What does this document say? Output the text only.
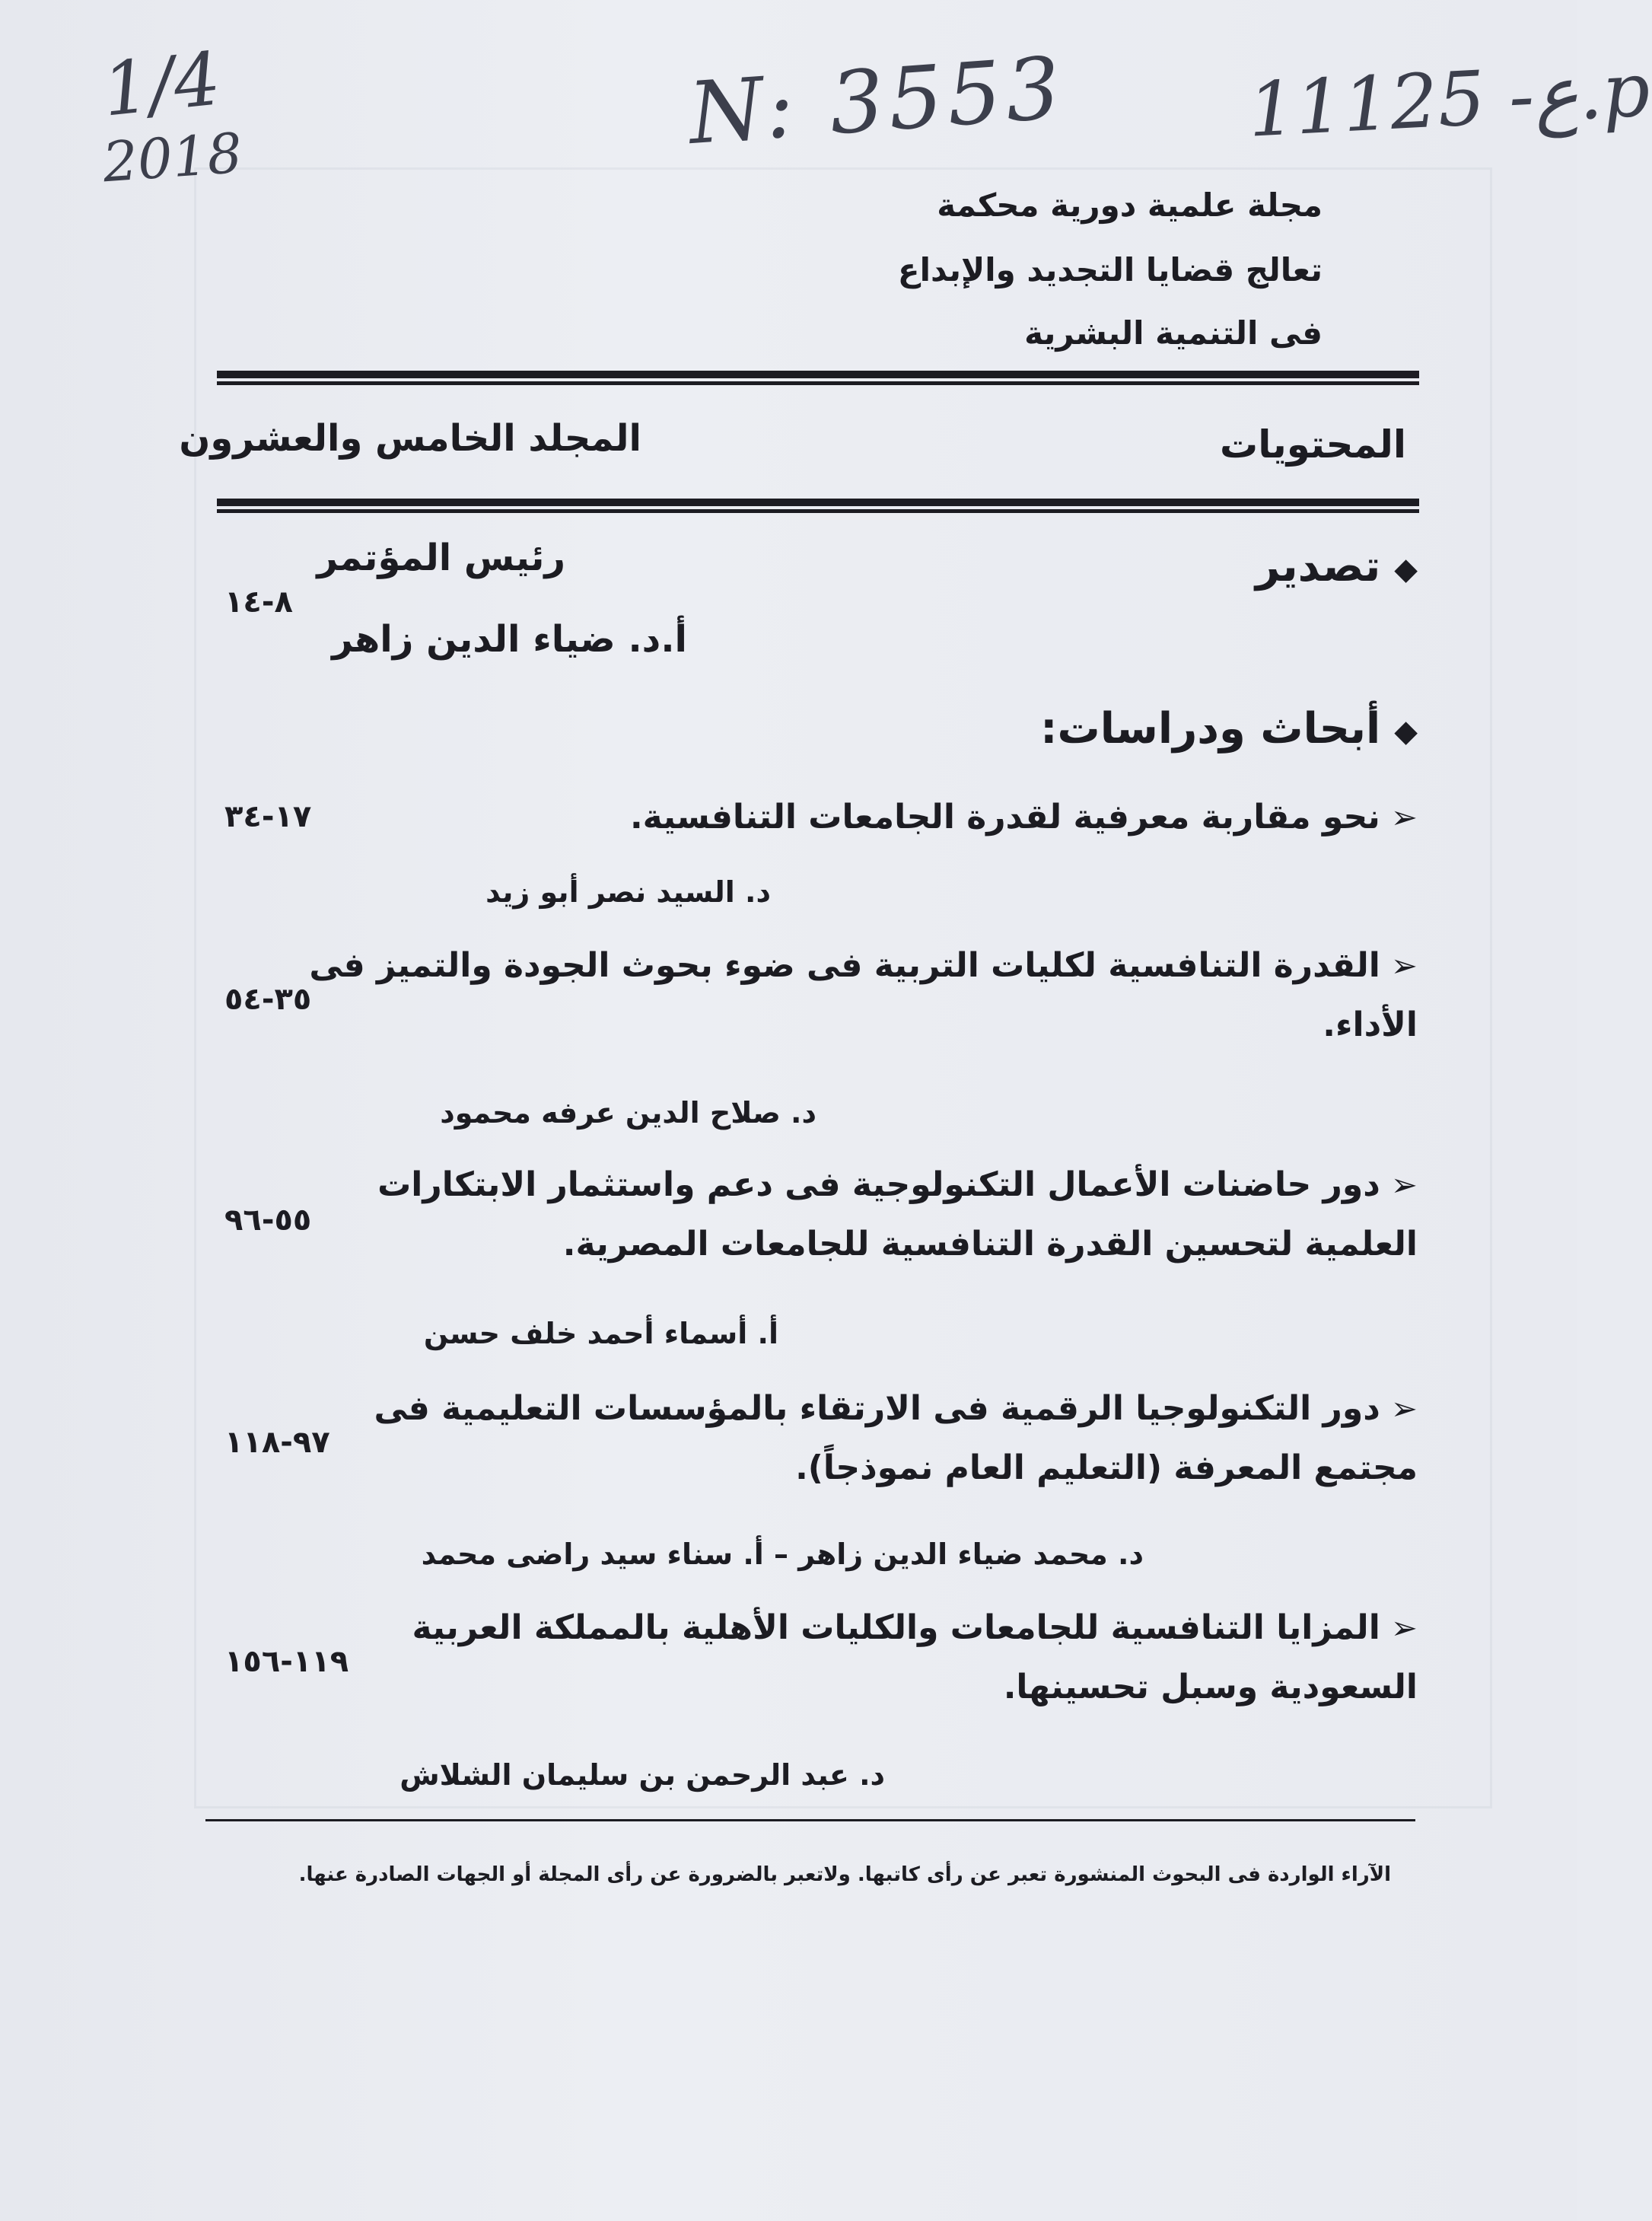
1/4
2018	N: 3553 111ع- 25.p
مجلة علمية دورية محكمة
تعالج قضايا التجديد والإبداع
فى التنمية البشرية
المحتويات
المجلد الخامس والعشرون
◆تصدير
رئيس المؤتمر
أ.د. ضياء الدين زاهر
٨-١٤
◆أبحاث ودراسات:
➢نحو مقاربة معرفية لقدرة الجامعات التنافسية.
١٧-٣٤
د. السيد نصر أبو زيد
➢القدرة التنافسية لكليات التربية فى ضوء بحوث الجودة والتميز فى
الأداء.
٣٥-٥٤
د. صلاح الدين عرفه محمود
➢دور حاضنات الأعمال التكنولوجية فى دعم واستثمار الابتكارات
العلمية لتحسين القدرة التنافسية للجامعات المصرية.
٥٥-٩٦
أ. أسماء أحمد خلف حسن
➢دور التكنولوجيا الرقمية فى الارتقاء بالمؤسسات التعليمية فى
مجتمع المعرفة (التعليم العام نموذجاً).
٩٧-١١٨
د. محمد ضياء الدين زاهر – أ. سناء سيد راضى محمد
➢المزايا التنافسية للجامعات والكليات الأهلية بالمملكة العربية
السعودية وسبل تحسينها.
١١٩-١٥٦
د. عبد الرحمن بن سليمان الشلاش
الآراء الواردة فى البحوث المنشورة تعبر عن رأى كاتبها. ولاتعبر بالضرورة عن رأى المجلة أو الجهات الصادرة عنها.
